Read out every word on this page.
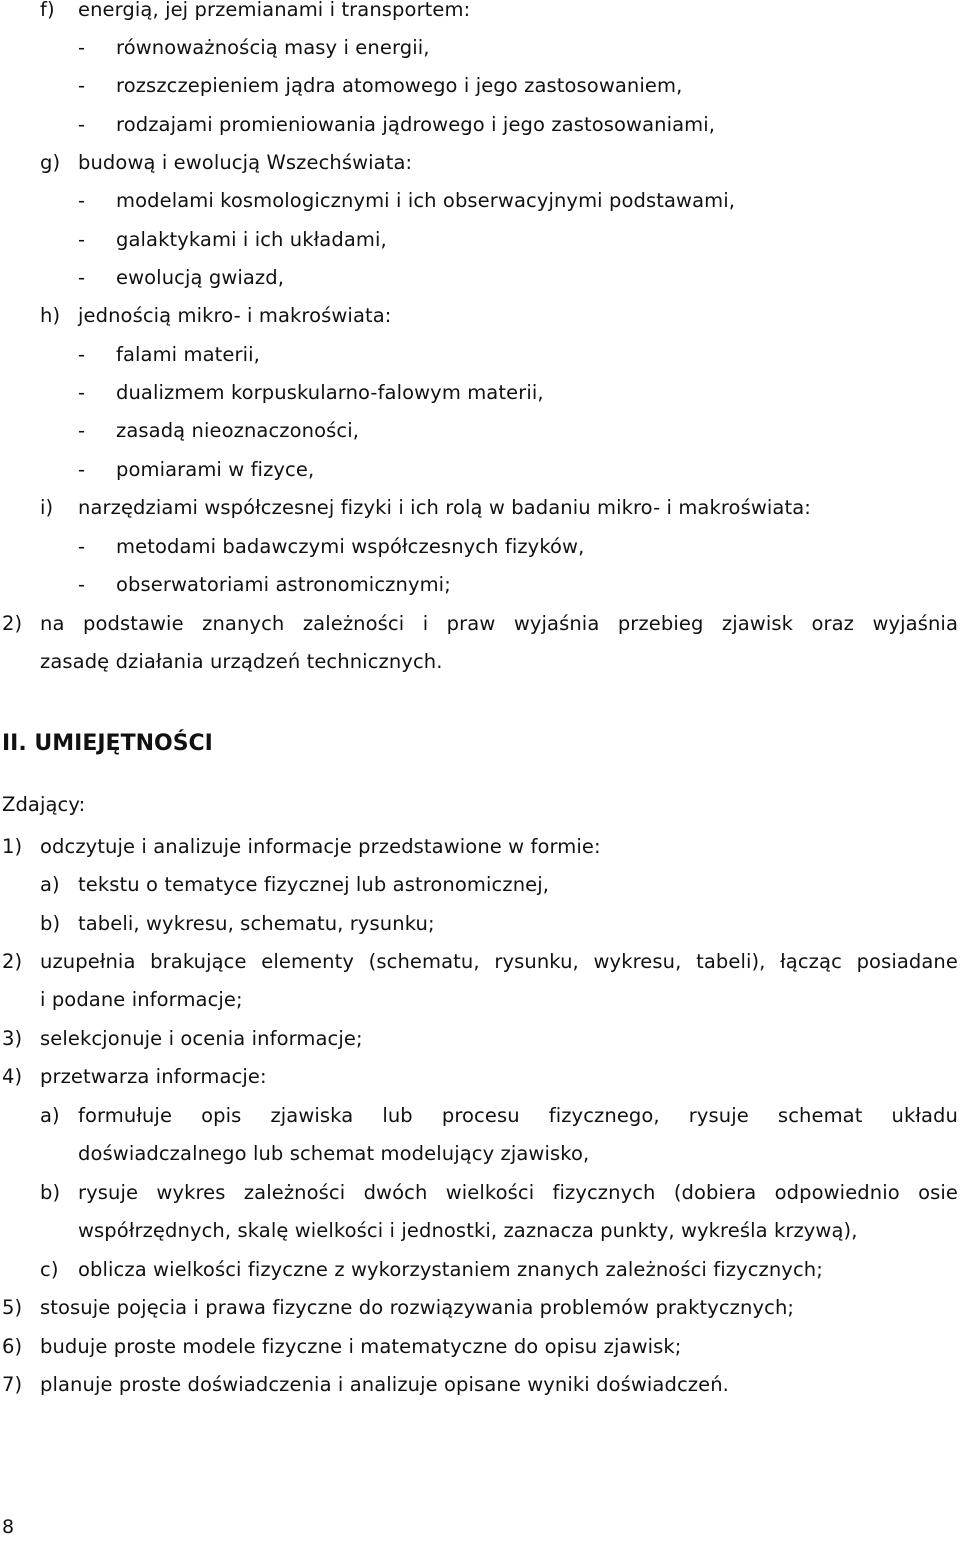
f) energią, jej przemianami i transportem:
- równoważnością masy i energii,
- rozszczepieniem jądra atomowego i jego zastosowaniem,
- rodzajami promieniowania jądrowego i jego zastosowaniami,
g) budową i ewolucją Wszechświata:
- modelami kosmologicznymi i ich obserwacyjnymi podstawami,
- galaktykami i ich układami,
- ewolucją gwiazd,
h) jednością mikro- i makroświata:
- falami materii,
- dualizmem korpuskularno-falowym materii,
- zasadą nieoznaczoności,
- pomiarami w fizyce,
i) narzędziami współczesnej fizyki i ich rolą w badaniu mikro- i makroświata:
- metodami badawczymi współczesnych fizyków,
- obserwatoriami astronomicznymi;
2) na podstawie znanych zależności i praw wyjaśnia przebieg zjawisk oraz wyjaśnia
zasadę działania urządzeń technicznych.
II. UMIEJĘTNOŚCI
Zdający:
1) odczytuje i analizuje informacje przedstawione w formie:
a) tekstu o tematyce fizycznej lub astronomicznej,
b) tabeli, wykresu, schematu, rysunku;
2) uzupełnia brakujące elementy (schematu, rysunku, wykresu, tabeli), łącząc posiadane
i podane informacje;
3) selekcjonuje i ocenia informacje;
4) przetwarza informacje:
a) formułuje opis zjawiska lub procesu fizycznego, rysuje schemat układu
doświadczalnego lub schemat modelujący zjawisko,
b) rysuje wykres zależności dwóch wielkości fizycznych (dobiera odpowiednio osie
współrzędnych, skalę wielkości i jednostki, zaznacza punkty, wykreśla krzywą),
c) oblicza wielkości fizyczne z wykorzystaniem znanych zależności fizycznych;
5) stosuje pojęcia i prawa fizyczne do rozwiązywania problemów praktycznych;
6) buduje proste modele fizyczne i matematyczne do opisu zjawisk;
7) planuje proste doświadczenia i analizuje opisane wyniki doświadczeń.
8
